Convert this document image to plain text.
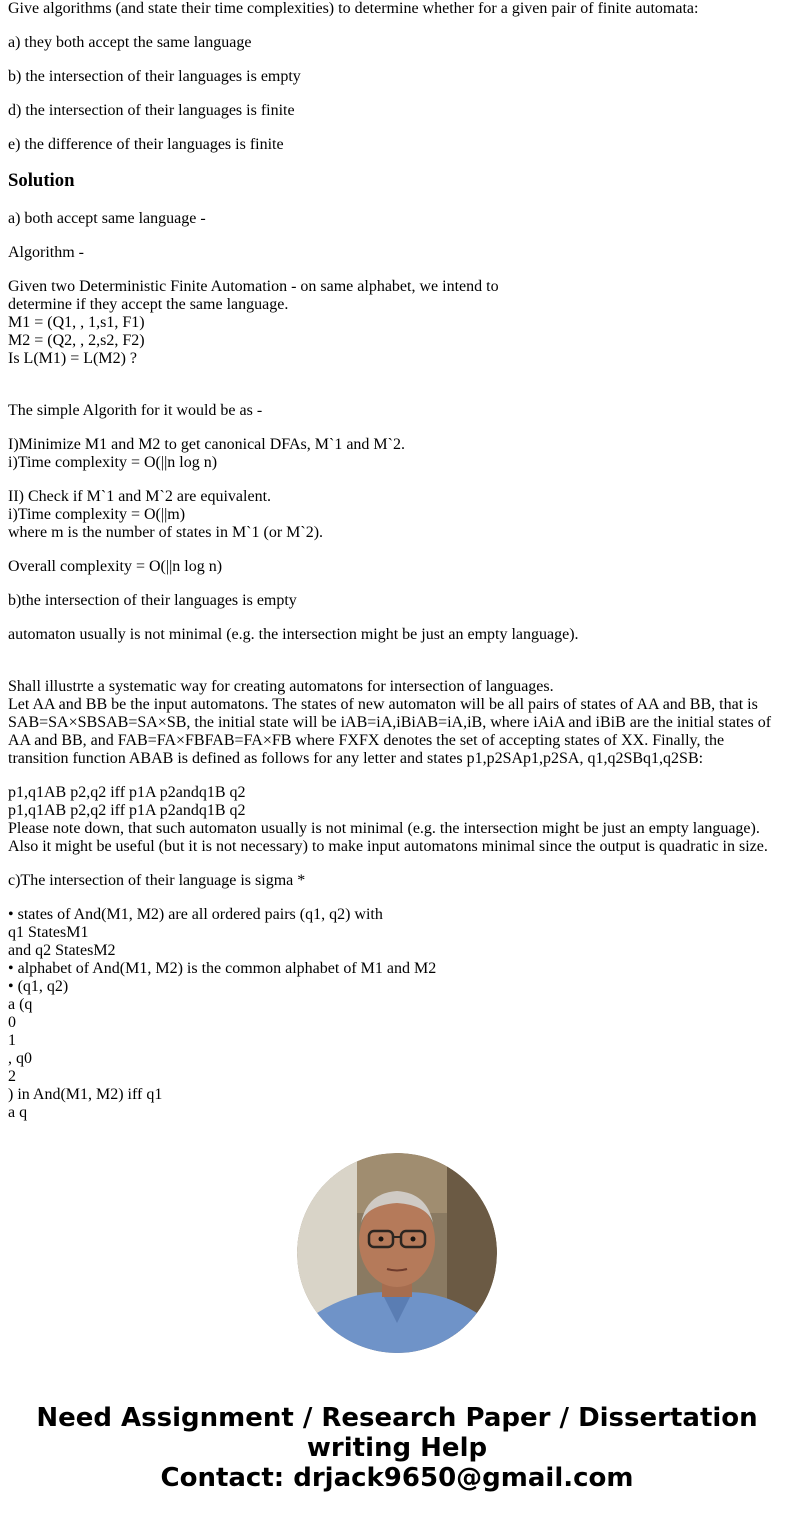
Give algorithms (and state their time complexities) to determine whether for a given pair of finite automata:

a) they both accept the same language

b) the intersection of their languages is empty

d) the intersection of their languages is finite

e) the difference of their languages is finite

Solution

a) both accept same language -

Algorithm -

Given two Deterministic Finite Automation - on same alphabet, we intend to
determine if they accept the same language.
M1 = (Q1, , 1,s1, F1)
M2 = (Q2, , 2,s2, F2)
Is L(M1) = L(M2) ?

The simple Algorith for it would be as -

I)Minimize M1 and M2 to get canonical DFAs, M`1 and M`2.
i)Time complexity = O(||n log n)

II) Check if M`1 and M`2 are equivalent.
i)Time complexity = O(||m)
where m is the number of states in M`1 (or M`2).

Overall complexity = O(||n log n)

b)the intersection of their languages is empty

automaton usually is not minimal (e.g. the intersection might be just an empty language).

Shall illustrte a systematic way for creating automatons for intersection of languages.
Let AA and BB be the input automatons. The states of new automaton will be all pairs of states of AA and BB, that is SAB=SA×SBSAB=SA×SB, the initial state will be iAB=iA,iBiAB=iA,iB, where iAiA and iBiB are the initial states of AA and BB, and FAB=FA×FBFAB=FA×FB where FXFX denotes the set of accepting states of XX. Finally, the transition function ABAB is defined as follows for any letter and states p1,p2SAp1,p2SA, q1,q2SBq1,q2SB:

p1,q1AB p2,q2 iff p1A p2andq1B q2
p1,q1AB p2,q2 iff p1A p2andq1B q2
Please note down, that such automaton usually is not minimal (e.g. the intersection might be just an empty language).
Also it might be useful (but it is not necessary) to make input automatons minimal since the output is quadratic in size.

c)The intersection of their language is sigma *

• states of And(M1, M2) are all ordered pairs (q1, q2) with
q1 StatesM1
and q2 StatesM2
• alphabet of And(M1, M2) is the common alphabet of M1 and M2
• (q1, q2)
a (q
0
1
, q0
2
) in And(M1, M2) iff q1
a q

Need Assignment / Research Paper / Dissertation
writing Help
Contact: drjack9650@gmail.com
